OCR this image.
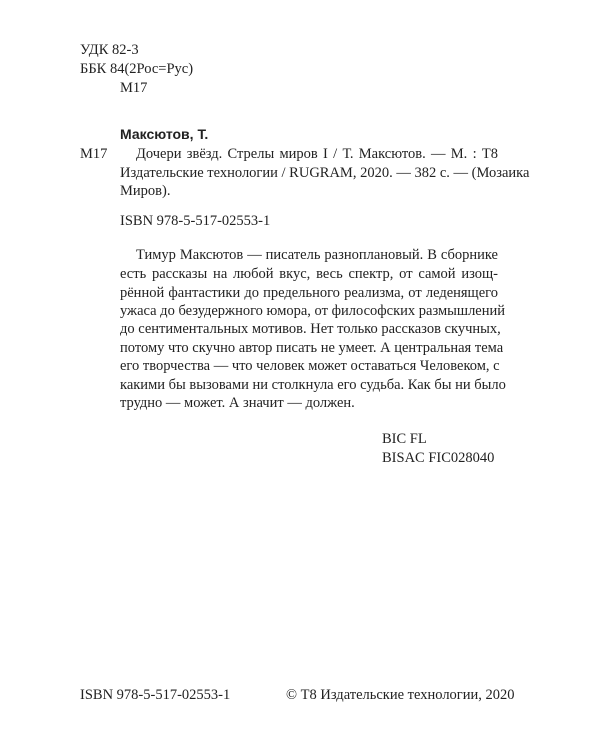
УДК 82-3
ББК 84(2Рос=Рус)
М17
Максютов, Т.
М17 Дочери звёзд. Стрелы миров I / Т. Максютов. — М. : Т8
Издательские технологии / RUGRAM, 2020. — 382 с. — (Мозаика
Миров).
ISBN 978-5-517-02553-1
Тимур Максютов — писатель разноплановый. В сборнике
есть рассказы на любой вкус, весь спектр, от самой изощ-
рённой фантастики до предельного реализма, от леденящего
ужаса до безудержного юмора, от философских размышлений
до сентиментальных мотивов. Нет только рассказов скучных,
потому что скучно автор писать не умеет. А центральная тема
его творчества — что человек может оставаться Человеком, с
какими бы вызовами ни столкнула его судьба. Как бы ни было
трудно — может. А значит — должен.
BIC FL
BISAC FIC028040
ISBN 978-5-517-02553-1	© Т8 Издательские технологии, 2020
